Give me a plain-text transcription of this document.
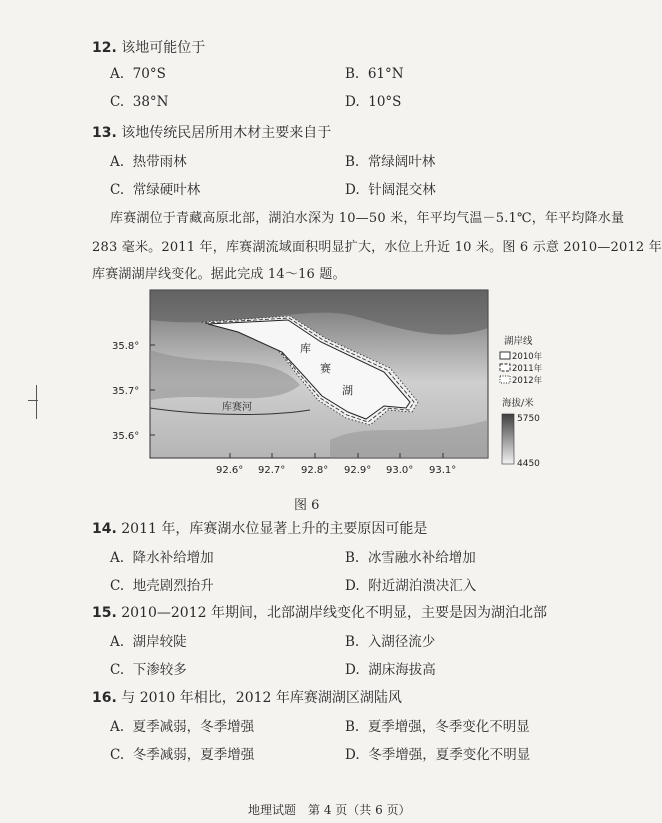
12. 该地可能位于
A. 70°S	B. 61°N
C. 38°N	D. 10°S
13. 该地传统民居所用木材主要来自于
A. 热带雨林	B. 常绿阔叶林
C. 常绿硬叶林	D. 针阔混交林
库赛湖位于青藏高原北部，湖泊水深为 10—50 米，年平均气温－5.1℃，年平均降水量
283 毫米。2011 年，库赛湖流域面积明显扩大，水位上升近 10 米。图 6 示意 2010—2012 年
库赛湖湖岸线变化。据此完成 14～16 题。
库
赛
湖
库赛河
35.8°
35.7°
35.6°
92.6° 92.7° 92.8° 92.9° 93.0° 93.1°
湖岸线
2010年
2011年
2012年
海拔/米
5750
4450
图 6
14. 2011 年，库赛湖水位显著上升的主要原因可能是
A. 降水补给增加	B. 冰雪融水补给增加
C. 地壳剧烈抬升	D. 附近湖泊溃决汇入
15. 2010—2012 年期间，北部湖岸线变化不明显，主要是因为湖泊北部
A. 湖岸较陡	B. 入湖径流少
C. 下渗较多	D. 湖床海拔高
16. 与 2010 年相比，2012 年库赛湖湖区湖陆风
A. 夏季减弱，冬季增强	B. 夏季增强，冬季变化不明显
C. 冬季减弱，夏季增强	D. 冬季增强，夏季变化不明显
地理试题　第 4 页（共 6 页）
